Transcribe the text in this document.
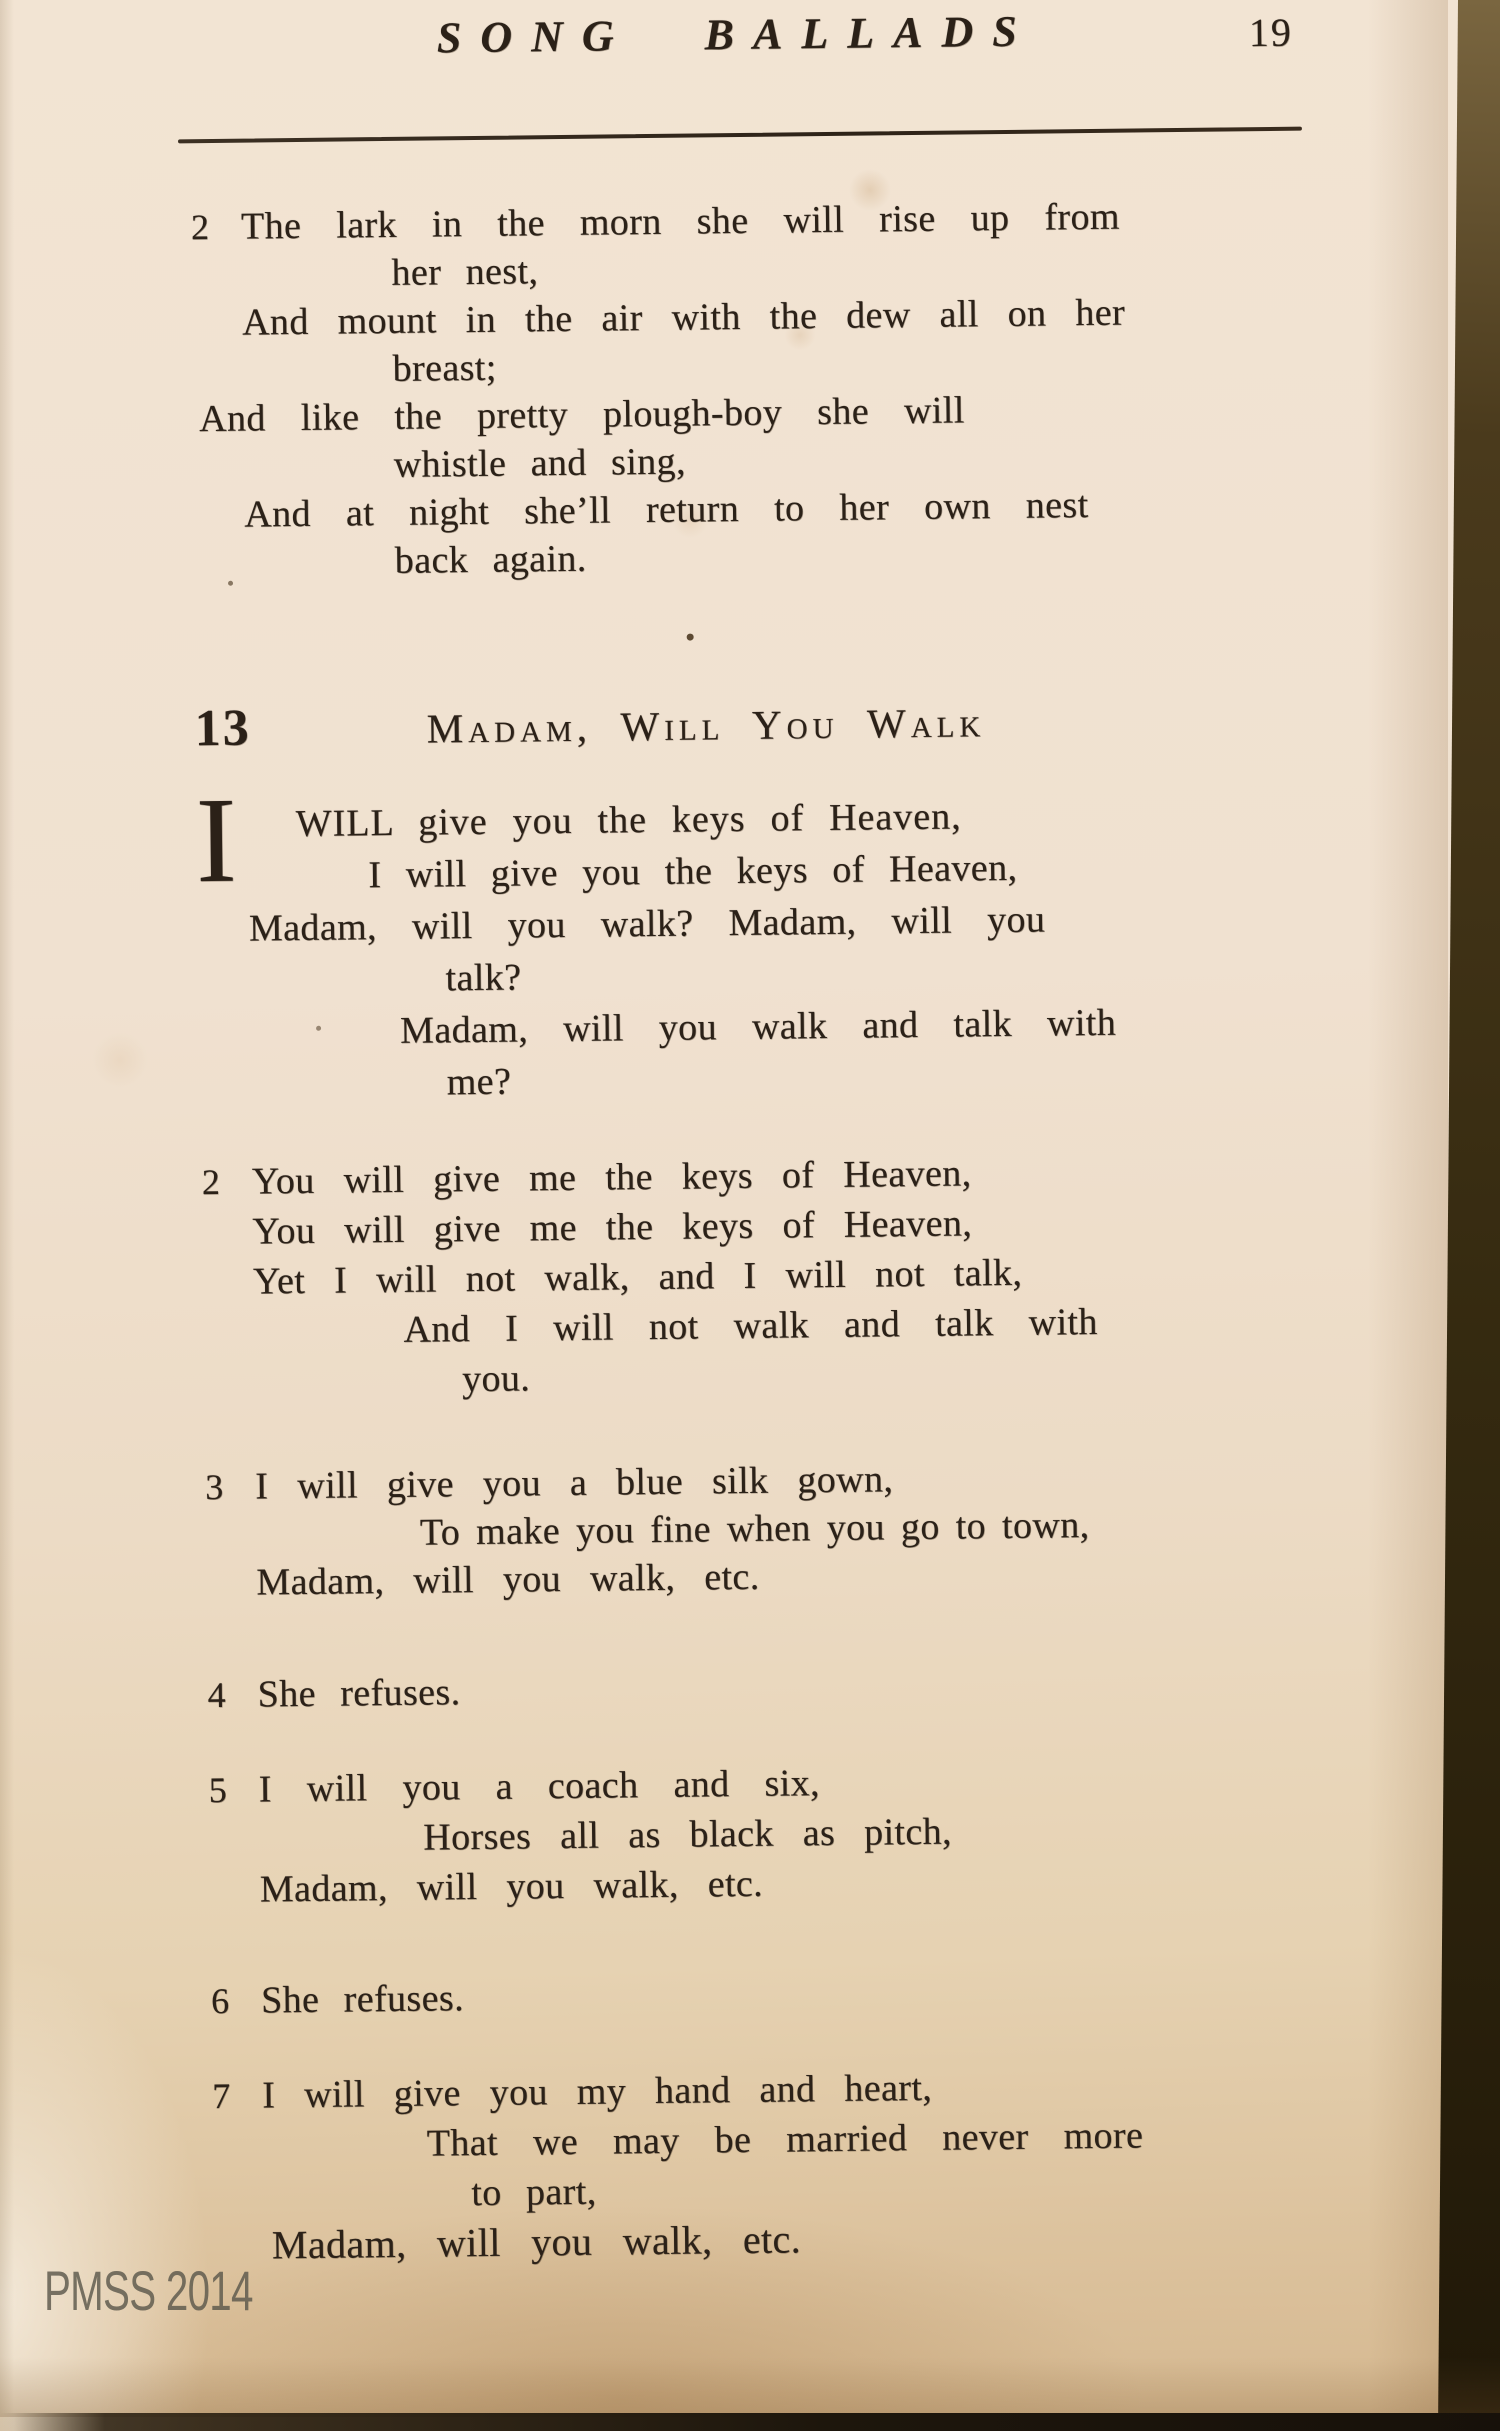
SONG BALLADS	19
2 The lark in the morn she will rise up from
her nest,
And mount in the air with the dew all on her
breast;
And like the pretty plough-boy she will
whistle and sing,
And at night she’ll return to her own nest
back again.
13	Madam, Will You Walk
I	WILL give you the keys of Heaven,
I will give you the keys of Heaven,
Madam, will you walk? Madam, will you
talk?
Madam, will you walk and talk with
me?
2 You will give me the keys of Heaven,
You will give me the keys of Heaven,
Yet I will not walk, and I will not talk,
And I will not walk and talk with
you.
3 I will give you a blue silk gown,
To make you fine when you go to town,
Madam, will you walk, etc.
4 She refuses.
5 I will you a coach and six,
Horses all as black as pitch,
Madam, will you walk, etc.
6 She refuses.
7 I will give you my hand and heart,
That we may be married never more
to part,
Madam, will you walk, etc.
PMSS 2014
